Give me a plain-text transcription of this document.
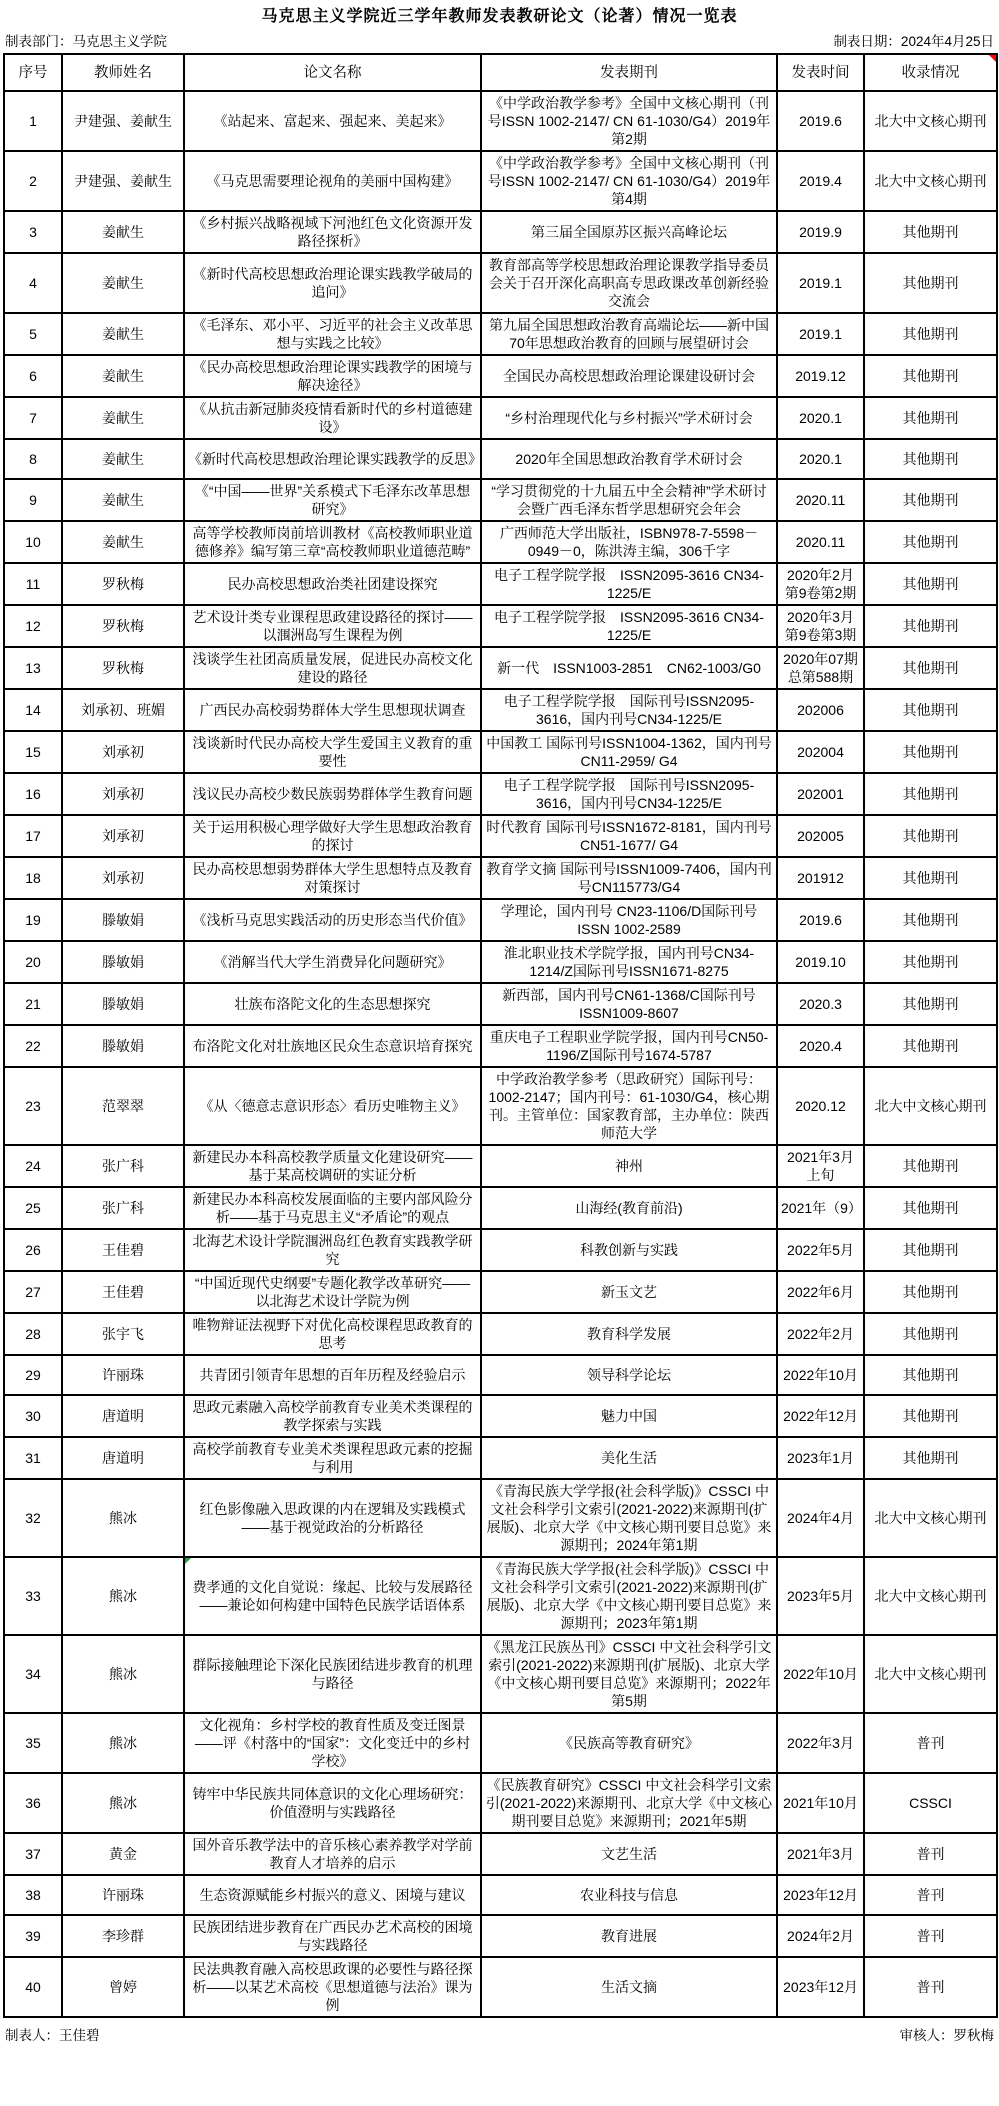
马克思主义学院近三学年教师发表教研论文（论著）情况一览表
制表部门：马克思主义学院	制表日期：2024年4月25日
序号	教师姓名	论文名称	发表期刊	发表时间	收录情况

1	尹建强、姜献生	《站起来、富起来、强起来、美起来》	《中学政治教学参考》全国中文核心期刊（刊号ISSN 1002-2147/ CN 61-1030/G4）2019年第2期	2019.6	北大中文核心期刊
2	尹建强、姜献生	《马克思需要理论视角的美丽中国构建》	《中学政治教学参考》全国中文核心期刊（刊号ISSN 1002-2147/ CN 61-1030/G4）2019年第4期	2019.4	北大中文核心期刊
3	姜献生	《乡村振兴战略视域下河池红色文化资源开发路径探析》	第三届全国原苏区振兴高峰论坛	2019.9	其他期刊
4	姜献生	《新时代高校思想政治理论课实践教学破局的追问》	教育部高等学校思想政治理论课教学指导委员会关于召开深化高职高专思政课改革创新经验交流会	2019.1	其他期刊
5	姜献生	《毛泽东、邓小平、习近平的社会主义改革思想与实践之比较》	第九届全国思想政治教育高端论坛——新中国70年思想政治教育的回顾与展望研讨会	2019.1	其他期刊
6	姜献生	《民办高校思想政治理论课实践教学的困境与解决途径》	全国民办高校思想政治理论课建设研讨会	2019.12	其他期刊
7	姜献生	《从抗击新冠肺炎疫情看新时代的乡村道德建设》	“乡村治理现代化与乡村振兴”学术研讨会	2020.1	其他期刊
8	姜献生	《新时代高校思想政治理论课实践教学的反思》	2020年全国思想政治教育学术研讨会	2020.1	其他期刊
9	姜献生	《“中国——世界”关系模式下毛泽东改革思想研究》	“学习贯彻党的十九届五中全会精神”学术研讨会暨广西毛泽东哲学思想研究会年会	2020.11	其他期刊
10	姜献生	高等学校教师岗前培训教材《高校教师职业道德修养》编写第三章“高校教师职业道德范畴”	广西师范大学出版社，ISBN978-7-5598－0949－0，陈洪涛主编，306千字	2020.11	其他期刊
11	罗秋梅	民办高校思想政治类社团建设探究	电子工程学院学报　ISSN2095-3616 CN34-1225/E	2020年2月第9卷第2期	其他期刊
12	罗秋梅	艺术设计类专业课程思政建设路径的探讨——以涠洲岛写生课程为例	电子工程学院学报　ISSN2095-3616 CN34-1225/E	2020年3月第9卷第3期	其他期刊
13	罗秋梅	浅谈学生社团高质量发展，促进民办高校文化建设的路径	新一代　ISSN1003-2851　CN62-1003/G0	2020年07期总第588期	其他期刊
14	刘承初、班媚	广西民办高校弱势群体大学生思想现状调查	电子工程学院学报　国际刊号ISSN2095-3616，国内刊号CN34-1225/E	202006	其他期刊
15	刘承初	浅谈新时代民办高校大学生爱国主义教育的重要性	中国教工 国际刊号ISSN1004-1362，国内刊号CN11-2959/ G4	202004	其他期刊
16	刘承初	浅议民办高校少数民族弱势群体学生教育问题	电子工程学院学报　国际刊号ISSN2095-3616，国内刊号CN34-1225/E	202001	其他期刊
17	刘承初	关于运用积极心理学做好大学生思想政治教育的探讨	时代教育 国际刊号ISSN1672-8181，国内刊号CN51-1677/ G4	202005	其他期刊
18	刘承初	民办高校思想弱势群体大学生思想特点及教育对策探讨	教育学文摘 国际刊号ISSN1009-7406，国内刊号CN115773/G4	201912	其他期刊
19	滕敏娟	《浅析马克思实践活动的历史形态当代价值》	学理论，国内刊号 CN23-1106/D国际刊号ISSN 1002-2589	2019.6	其他期刊
20	滕敏娟	《消解当代大学生消费异化问题研究》	淮北职业技术学院学报，国内刊号CN34-1214/Z国际刊号ISSN1671-8275	2019.10	其他期刊
21	滕敏娟	壮族布洛陀文化的生态思想探究	新西部，国内刊号CN61-1368/C国际刊号ISSN1009-8607	2020.3	其他期刊
22	滕敏娟	布洛陀文化对壮族地区民众生态意识培育探究	重庆电子工程职业学院学报，国内刊号CN50-1196/Z国际刊号1674-5787	2020.4	其他期刊
23	范翠翠	《从〈德意志意识形态〉看历史唯物主义》	中学政治教学参考（思政研究）国际刊号：1002-2147；国内刊号：61-1030/G4，核心期刊。主管单位：国家教育部，主办单位：陕西师范大学	2020.12	北大中文核心期刊
24	张广科	新建民办本科高校教学质量文化建设研究——基于某高校调研的实证分析	神州	2021年3月上旬	其他期刊
25	张广科	新建民办本科高校发展面临的主要内部风险分析——基于马克思主义“矛盾论”的观点	山海经(教育前沿)	2021年（9）	其他期刊
26	王佳碧	北海艺术设计学院涠洲岛红色教育实践教学研究	科教创新与实践	2022年5月	其他期刊
27	王佳碧	“中国近现代史纲要”专题化教学改革研究——以北海艺术设计学院为例	新玉文艺	2022年6月	其他期刊
28	张宇飞	唯物辩证法视野下对优化高校课程思政教育的思考	教育科学发展	2022年2月	其他期刊
29	许丽珠	共青团引领青年思想的百年历程及经验启示	领导科学论坛	2022年10月	其他期刊
30	唐道明	思政元素融入高校学前教育专业美术类课程的教学探索与实践	魅力中国	2022年12月	其他期刊
31	唐道明	高校学前教育专业美术类课程思政元素的挖掘与利用	美化生活	2023年1月	其他期刊
32	熊冰	红色影像融入思政课的内在逻辑及实践模式——基于视觉政治的分析路径	《青海民族大学学报(社会科学版)》CSSCI 中文社会科学引文索引(2021-2022)来源期刊(扩展版)、北京大学《中文核心期刊要目总览》来源期刊；2024年第1期	2024年4月	北大中文核心期刊
33	熊冰	费孝通的文化自觉说：缘起、比较与发展路径——兼论如何构建中国特色民族学话语体系	《青海民族大学学报(社会科学版)》CSSCI 中文社会科学引文索引(2021-2022)来源期刊(扩展版)、北京大学《中文核心期刊要目总览》来源期刊；2023年第1期	2023年5月	北大中文核心期刊
34	熊冰	群际接触理论下深化民族团结进步教育的机理与路径	《黑龙江民族丛刊》CSSCI 中文社会科学引文索引(2021-2022)来源期刊(扩展版)、北京大学《中文核心期刊要目总览》来源期刊；2022年第5期	2022年10月	北大中文核心期刊
35	熊冰	文化视角：乡村学校的教育性质及变迁图景——评《村落中的“国家”：文化变迁中的乡村学校》	《民族高等教育研究》	2022年3月	普刊
36	熊冰	铸牢中华民族共同体意识的文化心理场研究：价值澄明与实践路径	《民族教育研究》CSSCI 中文社会科学引文索引(2021-2022)来源期刊、北京大学《中文核心期刊要目总览》来源期刊；2021年5期	2021年10月	CSSCI
37	黄金	国外音乐教学法中的音乐核心素养教学对学前教育人才培养的启示	文艺生活	2021年3月	普刊
38	许丽珠	生态资源赋能乡村振兴的意义、困境与建议	农业科技与信息	2023年12月	普刊
39	李珍群	民族团结进步教育在广西民办艺术高校的困境与实践路径	教育进展	2024年2月	普刊
40	曾婷	民法典教育融入高校思政课的必要性与路径探析——以某艺术高校《思想道德与法治》课为例	生活文摘	2023年12月	普刊
制表人：王佳碧	审核人：罗秋梅
